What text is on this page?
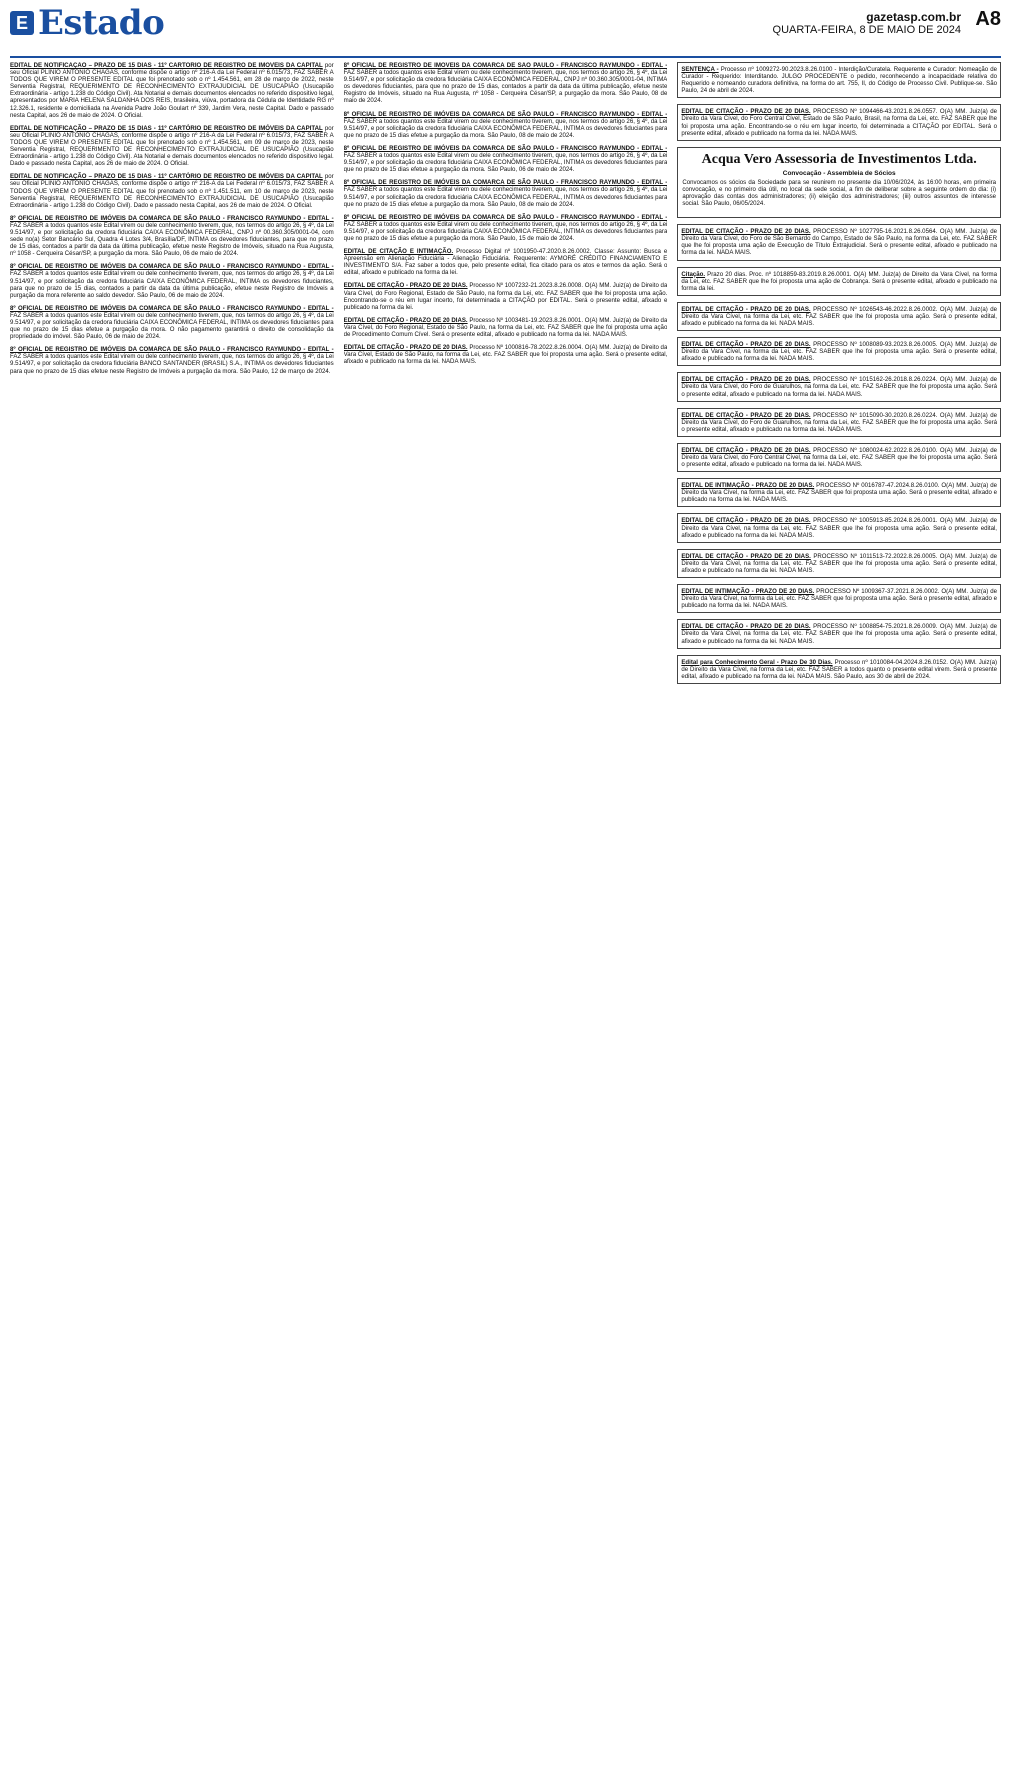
E Estado	gazetasp.com.br
QUARTA-FEIRA, 8 DE MAIO DE 2024 A8
EDITAL DE NOTIFICAÇÃO – PRAZO DE 15 DIAS - 11º CARTÓRIO DE REGISTRO DE IMÓVEIS DA CAPITAL por seu Oficial PLINIO ANTONIO CHAGAS, conforme dispõe o artigo nº 216-A da Lei Federal nº 6.015/73, FAZ SABER A TODOS QUE VIREM O PRESENTE EDITAL que foi prenotado sob o nº 1.454.561, em 28 de março de 2022, neste Serventia Registral, REQUERIMENTO DE RECONHECIMENTO EXTRAJUDICIAL DE USUCAPIÃO (Usucapião Extraordinária - artigo 1.238 do Código Civil). Ata Notarial e demais documentos elencados no referido dispositivo legal, apresentados por MARIA HELENA SALDANHA DOS REIS, brasileira, viúva, portadora da Cédula de Identidade RG nº 12.326.1, residente e domiciliada na Avenida Padre João Goulart nº 339, Jardim Vera, neste Capital. Dado e passado nesta Capital, aos 26 de maio de 2024. O Oficial.
EDITAL DE NOTIFICAÇÃO – PRAZO DE 15 DIAS - 11º CARTÓRIO DE REGISTRO DE IMÓVEIS DA CAPITAL por seu Oficial PLINIO ANTONIO CHAGAS, conforme dispõe o artigo nº 216-A da Lei Federal nº 6.015/73, FAZ SABER A TODOS QUE VIREM O PRESENTE EDITAL que foi prenotado sob o nº 1.454.561, em 09 de março de 2023, neste Serventia Registral, REQUERIMENTO DE RECONHECIMENTO EXTRAJUDICIAL DE USUCAPIÃO (Usucapião Extraordinária - artigo 1.238 do Código Civil). Ata Notarial e demais documentos elencados no referido dispositivo legal. Dado e passado nesta Capital, aos 26 de maio de 2024. O Oficial.
EDITAL DE NOTIFICAÇÃO – PRAZO DE 15 DIAS - 11º CARTÓRIO DE REGISTRO DE IMÓVEIS DA CAPITAL por seu Oficial PLINIO ANTONIO CHAGAS, conforme dispõe o artigo nº 216-A da Lei Federal nº 6.015/73, FAZ SABER A TODOS QUE VIREM O PRESENTE EDITAL que foi prenotado sob o nº 1.451.511, em 10 de março de 2023, neste Serventia Registral, REQUERIMENTO DE RECONHECIMENTO EXTRAJUDICIAL DE USUCAPIÃO (Usucapião Extraordinária - artigo 1.238 do Código Civil). Dado e passado nesta Capital, aos 26 de maio de 2024. O Oficial.
8º OFICIAL DE REGISTRO DE IMÓVEIS DA COMARCA DE SÃO PAULO - FRANCISCO RAYMUNDO - EDITAL - FAZ SABER a todos quantos este Edital virem ou dele conhecimento tiverem, que, nos termos do artigo 26, § 4º, da Lei 9.514/97, e por solicitação da credora fiduciária CAIXA ECONÔMICA FEDERAL, CNPJ nº 00.360.305/0001-04, com sede no(a) Setor Bancário Sul, Quadra 4 Lotes 3/4, Brasília/DF, INTIMA os devedores fiduciantes, para que no prazo de 15 dias, contados a partir da data da última publicação, efetue neste Registro de Imóveis, situado na Rua Augusta, nº 1058 - Cerqueira César/SP, a purgação da mora. São Paulo, 06 de maio de 2024.
8º OFICIAL DE REGISTRO DE IMÓVEIS DA COMARCA DE SÃO PAULO - FRANCISCO RAYMUNDO - EDITAL - FAZ SABER a todos quantos este Edital virem ou dele conhecimento tiverem, que, nos termos do artigo 26, § 4º, da Lei 9.514/97, e por solicitação da credora fiduciária CAIXA ECONÔMICA FEDERAL, INTIMA os devedores fiduciantes, para que no prazo de 15 dias, contados a partir da data da última publicação, efetue neste Registro de Imóveis a purgação da mora referente ao saldo devedor. São Paulo, 06 de maio de 2024.
8º OFICIAL DE REGISTRO DE IMÓVEIS DA COMARCA DE SÃO PAULO - FRANCISCO RAYMUNDO - EDITAL - FAZ SABER a todos quantos este Edital virem ou dele conhecimento tiverem, que, nos termos do artigo 26, § 4º, da Lei 9.514/97, e por solicitação da credora fiduciária CAIXA ECONÔMICA FEDERAL, INTIMA os devedores fiduciantes para que no prazo de 15 dias efetue a purgação da mora. O não pagamento garantirá o direito de consolidação da propriedade do imóvel. São Paulo, 06 de maio de 2024.
8º OFICIAL DE REGISTRO DE IMÓVEIS DA COMARCA DE SÃO PAULO - FRANCISCO RAYMUNDO - EDITAL - FAZ SABER a todos quantos este Edital virem ou dele conhecimento tiverem, que, nos termos do artigo 26, § 4º, da Lei 9.514/97, e por solicitação da credora fiduciária BANCO SANTANDER (BRASIL) S.A., INTIMA os devedores fiduciantes para que no prazo de 15 dias efetue neste Registro de Imóveis a purgação da mora. São Paulo, 12 de março de 2024.
8º OFICIAL DE REGISTRO DE IMÓVEIS DA COMARCA DE SÃO PAULO - FRANCISCO RAYMUNDO - EDITAL - FAZ SABER a todos quantos este Edital virem ou dele conhecimento tiverem, que, nos termos do artigo 26, § 4º, da Lei 9.514/97, e por solicitação da credora fiduciária CAIXA ECONÔMICA FEDERAL, CNPJ nº 00.360.305/0001-04, INTIMA os devedores fiduciantes, para que no prazo de 15 dias, contados a partir da data da última publicação, efetue neste Registro de Imóveis, situado na Rua Augusta, nº 1058 - Cerqueira César/SP, a purgação da mora. São Paulo, 08 de maio de 2024.
8º OFICIAL DE REGISTRO DE IMÓVEIS DA COMARCA DE SÃO PAULO - FRANCISCO RAYMUNDO - EDITAL - FAZ SABER a todos quantos este Edital virem ou dele conhecimento tiverem, que, nos termos do artigo 26, § 4º, da Lei 9.514/97, e por solicitação da credora fiduciária CAIXA ECONÔMICA FEDERAL, INTIMA os devedores fiduciantes para que no prazo de 15 dias efetue a purgação da mora. São Paulo, 08 de maio de 2024.
8º OFICIAL DE REGISTRO DE IMÓVEIS DA COMARCA DE SÃO PAULO - FRANCISCO RAYMUNDO - EDITAL - FAZ SABER a todos quantos este Edital virem ou dele conhecimento tiverem, que, nos termos do artigo 26, § 4º, da Lei 9.514/97, e por solicitação da credora fiduciária CAIXA ECONÔMICA FEDERAL, INTIMA os devedores fiduciantes para que no prazo de 15 dias efetue a purgação da mora. São Paulo, 06 de maio de 2024.
8º OFICIAL DE REGISTRO DE IMÓVEIS DA COMARCA DE SÃO PAULO - FRANCISCO RAYMUNDO - EDITAL - FAZ SABER a todos quantos este Edital virem ou dele conhecimento tiverem, que, nos termos do artigo 26, § 4º, da Lei 9.514/97, e por solicitação da credora fiduciária CAIXA ECONÔMICA FEDERAL, INTIMA os devedores fiduciantes para que no prazo de 15 dias efetue a purgação da mora. São Paulo, 08 de maio de 2024.
8º OFICIAL DE REGISTRO DE IMÓVEIS DA COMARCA DE SÃO PAULO - FRANCISCO RAYMUNDO - EDITAL - FAZ SABER a todos quantos este Edital virem ou dele conhecimento tiverem, que, nos termos do artigo 26, § 4º, da Lei 9.514/97, e por solicitação da credora fiduciária CAIXA ECONÔMICA FEDERAL, INTIMA os devedores fiduciantes para que no prazo de 15 dias efetue a purgação da mora. São Paulo, 15 de maio de 2024.
EDITAL DE CITAÇÃO E INTIMAÇÃO. Processo Digital nº 1001950-47.2020.8.26.0002. Classe: Assunto: Busca e Apreensão em Alienação Fiduciária - Alienação Fiduciária. Requerente: AYMORÉ CRÉDITO FINANCIAMENTO E INVESTIMENTO S/A. Faz saber a todos que, pelo presente edital, fica citado para os atos e termos da ação. Será o edital, afixado e publicado na forma da lei.
EDITAL DE CITAÇÃO - PRAZO DE 20 DIAS. Processo Nº 1007232-21.2023.8.26.0008. O(A) MM. Juiz(a) de Direito da Vara Cível, do Foro Regional, Estado de São Paulo, na forma da Lei, etc. FAZ SABER que lhe foi proposta uma ação. Encontrando-se o réu em lugar incerto, foi determinada a CITAÇÃO por EDITAL. Será o presente edital, afixado e publicado na forma da lei.
EDITAL DE CITAÇÃO - PRAZO DE 20 DIAS. Processo Nº 1003481-19.2023.8.26.0001. O(A) MM. Juiz(a) de Direito da Vara Cível, do Foro Regional, Estado de São Paulo, na forma da Lei, etc. FAZ SABER que lhe foi proposta uma ação de Procedimento Comum Cível. Será o presente edital, afixado e publicado na forma da lei. NADA MAIS.
EDITAL DE CITAÇÃO - PRAZO DE 20 DIAS. Processo Nº 1000816-78.2022.8.26.0004. O(A) MM. Juiz(a) de Direito da Vara Cível, Estado de São Paulo, na forma da Lei, etc. FAZ SABER que foi proposta uma ação. Será o presente edital, afixado e publicado na forma da lei. NADA MAIS.
SENTENÇA - Processo nº 1009272-90.2023.8.26.0100 - Interdição/Curatela. Requerente e Curador: Nomeação de Curador - Requerido: Interditando. JULGO PROCEDENTE o pedido, reconhecendo a incapacidade relativa do Requerido e nomeando curadora definitiva, na forma do art. 755, II, do Código de Processo Civil. Publique-se. São Paulo, 24 de abril de 2024.
EDITAL DE CITAÇÃO - PRAZO DE 20 DIAS. PROCESSO Nº 1094466-43.2021.8.26.0557. O(A) MM. Juiz(a) de Direito da Vara Cível, do Foro Central Cível, Estado de São Paulo, Brasil, na forma da Lei, etc. FAZ SABER que lhe foi proposta uma ação. Encontrando-se o réu em lugar incerto, foi determinada a CITAÇÃO por EDITAL. Será o presente edital, afixado e publicado na forma da lei. NADA MAIS.
Acqua Vero Assessoria de Investimentos Ltda.
Convocação - Assembleia de Sócios
Convocamos os sócios da Sociedade para se reunirem no presente dia 10/06/2024, às 16:00 horas, em primeira convocação, e no primeiro dia útil, no local da sede social, a fim de deliberar sobre a seguinte ordem do dia: (i) aprovação das contas dos administradores; (ii) eleição dos administradores; (iii) outros assuntos de interesse social. São Paulo, 06/05/2024.
EDITAL DE CITAÇÃO - PRAZO DE 20 DIAS. PROCESSO Nº 1027795-16.2021.8.26.0564. O(A) MM. Juiz(a) de Direito da Vara Cível, do Foro de São Bernardo do Campo, Estado de São Paulo, na forma da Lei, etc. FAZ SABER que lhe foi proposta uma ação de Execução de Título Extrajudicial. Será o presente edital, afixado e publicado na forma da lei. NADA MAIS.
Citação. Prazo 20 dias. Proc. nº 1018859-83.2019.8.26.0001. O(A) MM. Juiz(a) de Direito da Vara Cível, na forma da Lei, etc. FAZ SABER que lhe foi proposta uma ação de Cobrança. Será o presente edital, afixado e publicado na forma da lei.
EDITAL DE CITAÇÃO - PRAZO DE 20 DIAS. PROCESSO Nº 1026543-46.2022.8.26.0002. O(A) MM. Juiz(a) de Direito da Vara Cível, na forma da Lei, etc. FAZ SABER que lhe foi proposta uma ação. Será o presente edital, afixado e publicado na forma da lei. NADA MAIS.
EDITAL DE CITAÇÃO - PRAZO DE 20 DIAS. PROCESSO Nº 1008089-93.2023.8.26.0005. O(A) MM. Juiz(a) de Direito da Vara Cível, na forma da Lei, etc. FAZ SABER que lhe foi proposta uma ação. Será o presente edital, afixado e publicado na forma da lei. NADA MAIS.
EDITAL DE CITAÇÃO - PRAZO DE 20 DIAS. PROCESSO Nº 1015162-26.2018.8.26.0224. O(A) MM. Juiz(a) de Direito da Vara Cível, do Foro de Guarulhos, na forma da Lei, etc. FAZ SABER que lhe foi proposta uma ação. Será o presente edital, afixado e publicado na forma da lei. NADA MAIS.
EDITAL DE CITAÇÃO - PRAZO DE 20 DIAS. PROCESSO Nº 1015090-30.2020.8.26.0224. O(A) MM. Juiz(a) de Direito da Vara Cível, do Foro de Guarulhos, na forma da Lei, etc. FAZ SABER que lhe foi proposta uma ação. Será o presente edital, afixado e publicado na forma da lei. NADA MAIS.
EDITAL DE CITAÇÃO - PRAZO DE 20 DIAS. PROCESSO Nº 1080024-62.2022.8.26.0100. O(A) MM. Juiz(a) de Direito da Vara Cível, do Foro Central Cível, na forma da Lei, etc. FAZ SABER que lhe foi proposta uma ação. Será o presente edital, afixado e publicado na forma da lei. NADA MAIS.
EDITAL DE INTIMAÇÃO - PRAZO DE 20 DIAS. PROCESSO Nº 0016787-47.2024.8.26.0100. O(A) MM. Juiz(a) de Direito da Vara Cível, na forma da Lei, etc. FAZ SABER que foi proposta uma ação. Será o presente edital, afixado e publicado na forma da lei. NADA MAIS.
EDITAL DE CITAÇÃO - PRAZO DE 20 DIAS. PROCESSO Nº 1005913-85.2024.8.26.0001. O(A) MM. Juiz(a) de Direito da Vara Cível, na forma da Lei, etc. FAZ SABER que lhe foi proposta uma ação. Será o presente edital, afixado e publicado na forma da lei. NADA MAIS.
EDITAL DE CITAÇÃO - PRAZO DE 20 DIAS. PROCESSO Nº 1011513-72.2022.8.26.0005. O(A) MM. Juiz(a) de Direito da Vara Cível, na forma da Lei, etc. FAZ SABER que lhe foi proposta uma ação. Será o presente edital, afixado e publicado na forma da lei. NADA MAIS.
EDITAL DE INTIMAÇÃO - PRAZO DE 20 DIAS. PROCESSO Nº 1009367-37.2021.8.26.0002. O(A) MM. Juiz(a) de Direito da Vara Cível, na forma da Lei, etc. FAZ SABER que foi proposta uma ação. Será o presente edital, afixado e publicado na forma da lei. NADA MAIS.
EDITAL DE CITAÇÃO - PRAZO DE 20 DIAS. PROCESSO Nº 1008854-75.2021.8.26.0009. O(A) MM. Juiz(a) de Direito da Vara Cível, na forma da Lei, etc. FAZ SABER que lhe foi proposta uma ação. Será o presente edital, afixado e publicado na forma da lei. NADA MAIS.
Edital para Conhecimento Geral - Prazo De 30 Dias. Processo nº 1010084-04.2024.8.26.0152. O(A) MM. Juiz(a) de Direito da Vara Cível, na forma da Lei, etc. FAZ SABER a todos quanto o presente edital virem. Será o presente edital, afixado e publicado na forma da lei. NADA MAIS. São Paulo, aos 30 de abril de 2024.
